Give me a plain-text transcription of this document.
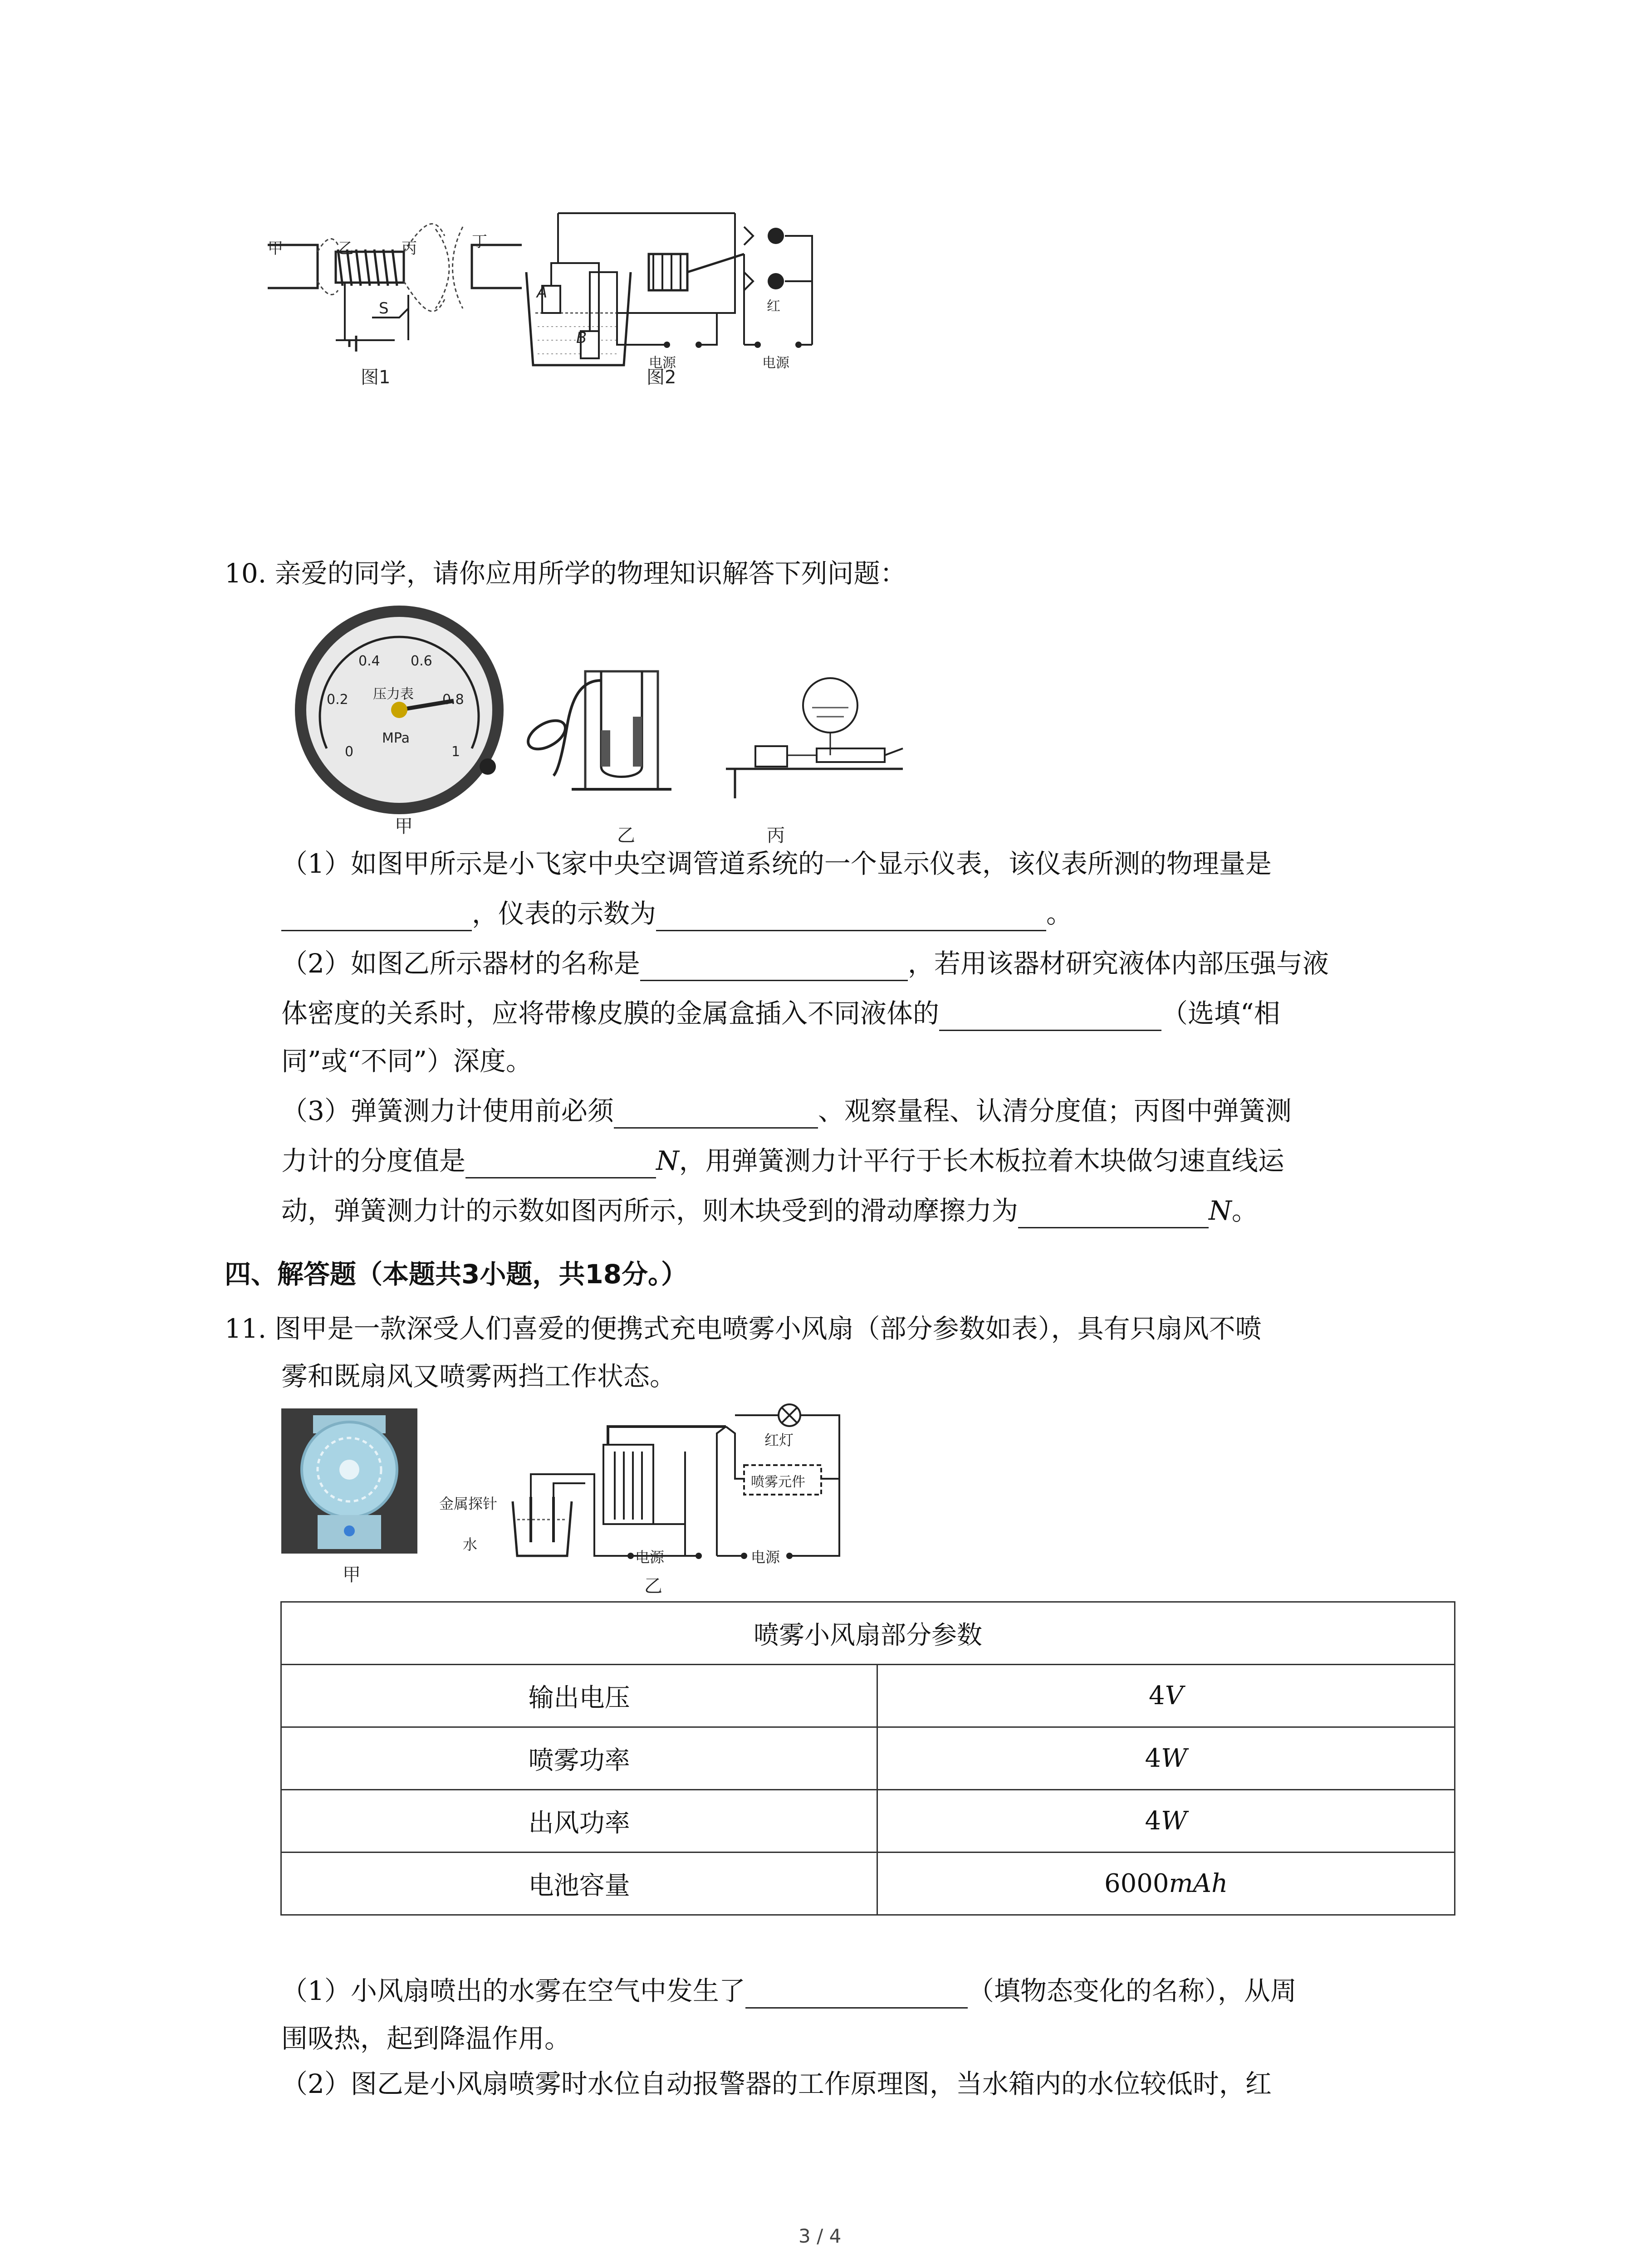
甲	乙	丙	丁
S
图1
A
B
电源	电源
红
图2
10. 亲爱的同学，请你应用所学的物理知识解答下列问题：
压力表
MPa
0
0.2
0.4 0.6
0.8
1
甲	乙	丙
（1）如图甲所示是小飞家中央空调管道系统的一个显示仪表，该仪表所测的物理量是
，仪表的示数为	。
（2）如图乙所示器材的名称是	，若用该器材研究液体内部压强与液
体密度的关系时，应将带橡皮膜的金属盒插入不同液体的	（选填“相
同”或“不同”）深度。
（3）弹簧测力计使用前必须	、观察量程、认清分度值；丙图中弹簧测
力计的分度值是	N，用弹簧测力计平行于长木板拉着木块做匀速直线运
动，弹簧测力计的示数如图丙所示，则木块受到的滑动摩擦力为	N。
四、解答题（本题共3小题，共18分。）
11. 图甲是一款深受人们喜爱的便携式充电喷雾小风扇（部分参数如表），具有只扇风不喷
雾和既扇风又喷雾两挡工作状态。
甲
金属探针
水
红灯
喷雾元件
电源	电源
乙
喷雾小风扇部分参数	
输出电压	4V
喷雾功率	4W
出风功率	4W
电池容量	6000mAh
（1）小风扇喷出的水雾在空气中发生了	（填物态变化的名称），从周
围吸热，起到降温作用。
（2）图乙是小风扇喷雾时水位自动报警器的工作原理图，当水箱内的水位较低时，红
3 / 4
